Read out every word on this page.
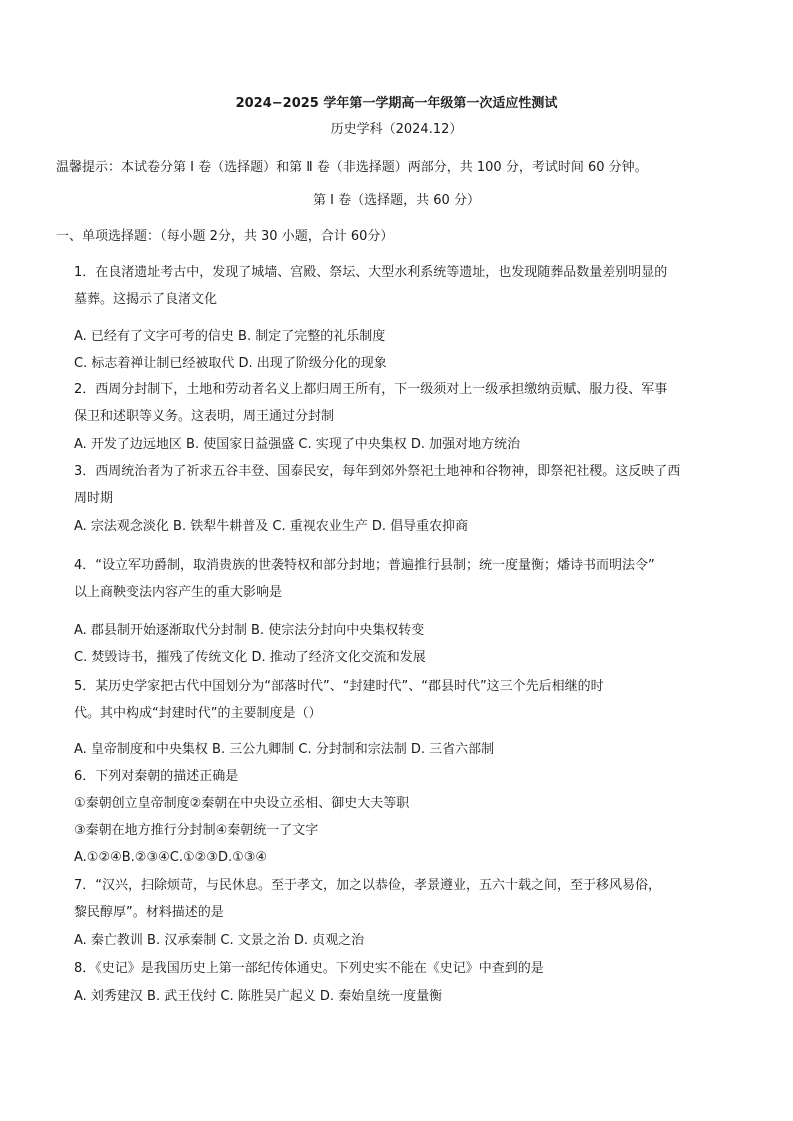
2024−2025 学年第一学期高一年级第一次适应性测试
历史学科（2024.12）
温馨提示：本试卷分第 Ⅰ 卷（选择题）和第 Ⅱ 卷（非选择题）两部分，共 100 分，考试时间 60 分钟。
第 Ⅰ 卷（选择题，共 60 分）
一、单项选择题：（每小题 2分，共 30 小题，合计 60分）
1．在良渚遗址考古中，发现了城墙、宫殿、祭坛、大型水利系统等遗址，也发现随葬品数量差别明显的
墓葬。这揭示了良渚文化
A. 已经有了文字可考的信史 B. 制定了完整的礼乐制度
C. 标志着禅让制已经被取代 D. 出现了阶级分化的现象
2．西周分封制下，土地和劳动者名义上都归周王所有，下一级须对上一级承担缴纳贡赋、服力役、军事
保卫和述职等义务。这表明，周王通过分封制
A. 开发了边远地区 B. 使国家日益强盛 C. 实现了中央集权 D. 加强对地方统治
3．西周统治者为了祈求五谷丰登、国泰民安，每年到郊外祭祀土地神和谷物神，即祭祀社稷。这反映了西
周时期
A. 宗法观念淡化 B. 铁犁牛耕普及 C. 重视农业生产 D. 倡导重农抑商
4．“设立军功爵制，取消贵族的世袭特权和部分封地；普遍推行县制；统一度量衡；燔诗书而明法令”
以上商鞅变法内容产生的重大影响是
A. 郡县制开始逐渐取代分封制 B. 使宗法分封向中央集权转变
C. 焚毁诗书，摧残了传统文化 D. 推动了经济文化交流和发展
5．某历史学家把古代中国划分为“部落时代”、“封建时代”、“郡县时代”这三个先后相继的时
代。其中构成“封建时代”的主要制度是（）
A. 皇帝制度和中央集权 B. 三公九卿制 C. 分封制和宗法制 D. 三省六部制
6．下列对秦朝的描述正确是
①秦朝创立皇帝制度②秦朝在中央设立丞相、御史大夫等职
③秦朝在地方推行分封制④秦朝统一了文字
A.①②④B.②③④C.①②③D.①③④
7．“汉兴，扫除烦苛，与民休息。至于孝文，加之以恭俭，孝景遵业，五六十载之间，至于移风易俗，
黎民醇厚”。材料描述的是
A. 秦亡教训 B. 汉承秦制 C. 文景之治 D. 贞观之治
8．《史记》是我国历史上第一部纪传体通史。下列史实不能在《史记》中查到的是
A. 刘秀建汉 B. 武王伐纣 C. 陈胜吴广起义 D. 秦始皇统一度量衡
